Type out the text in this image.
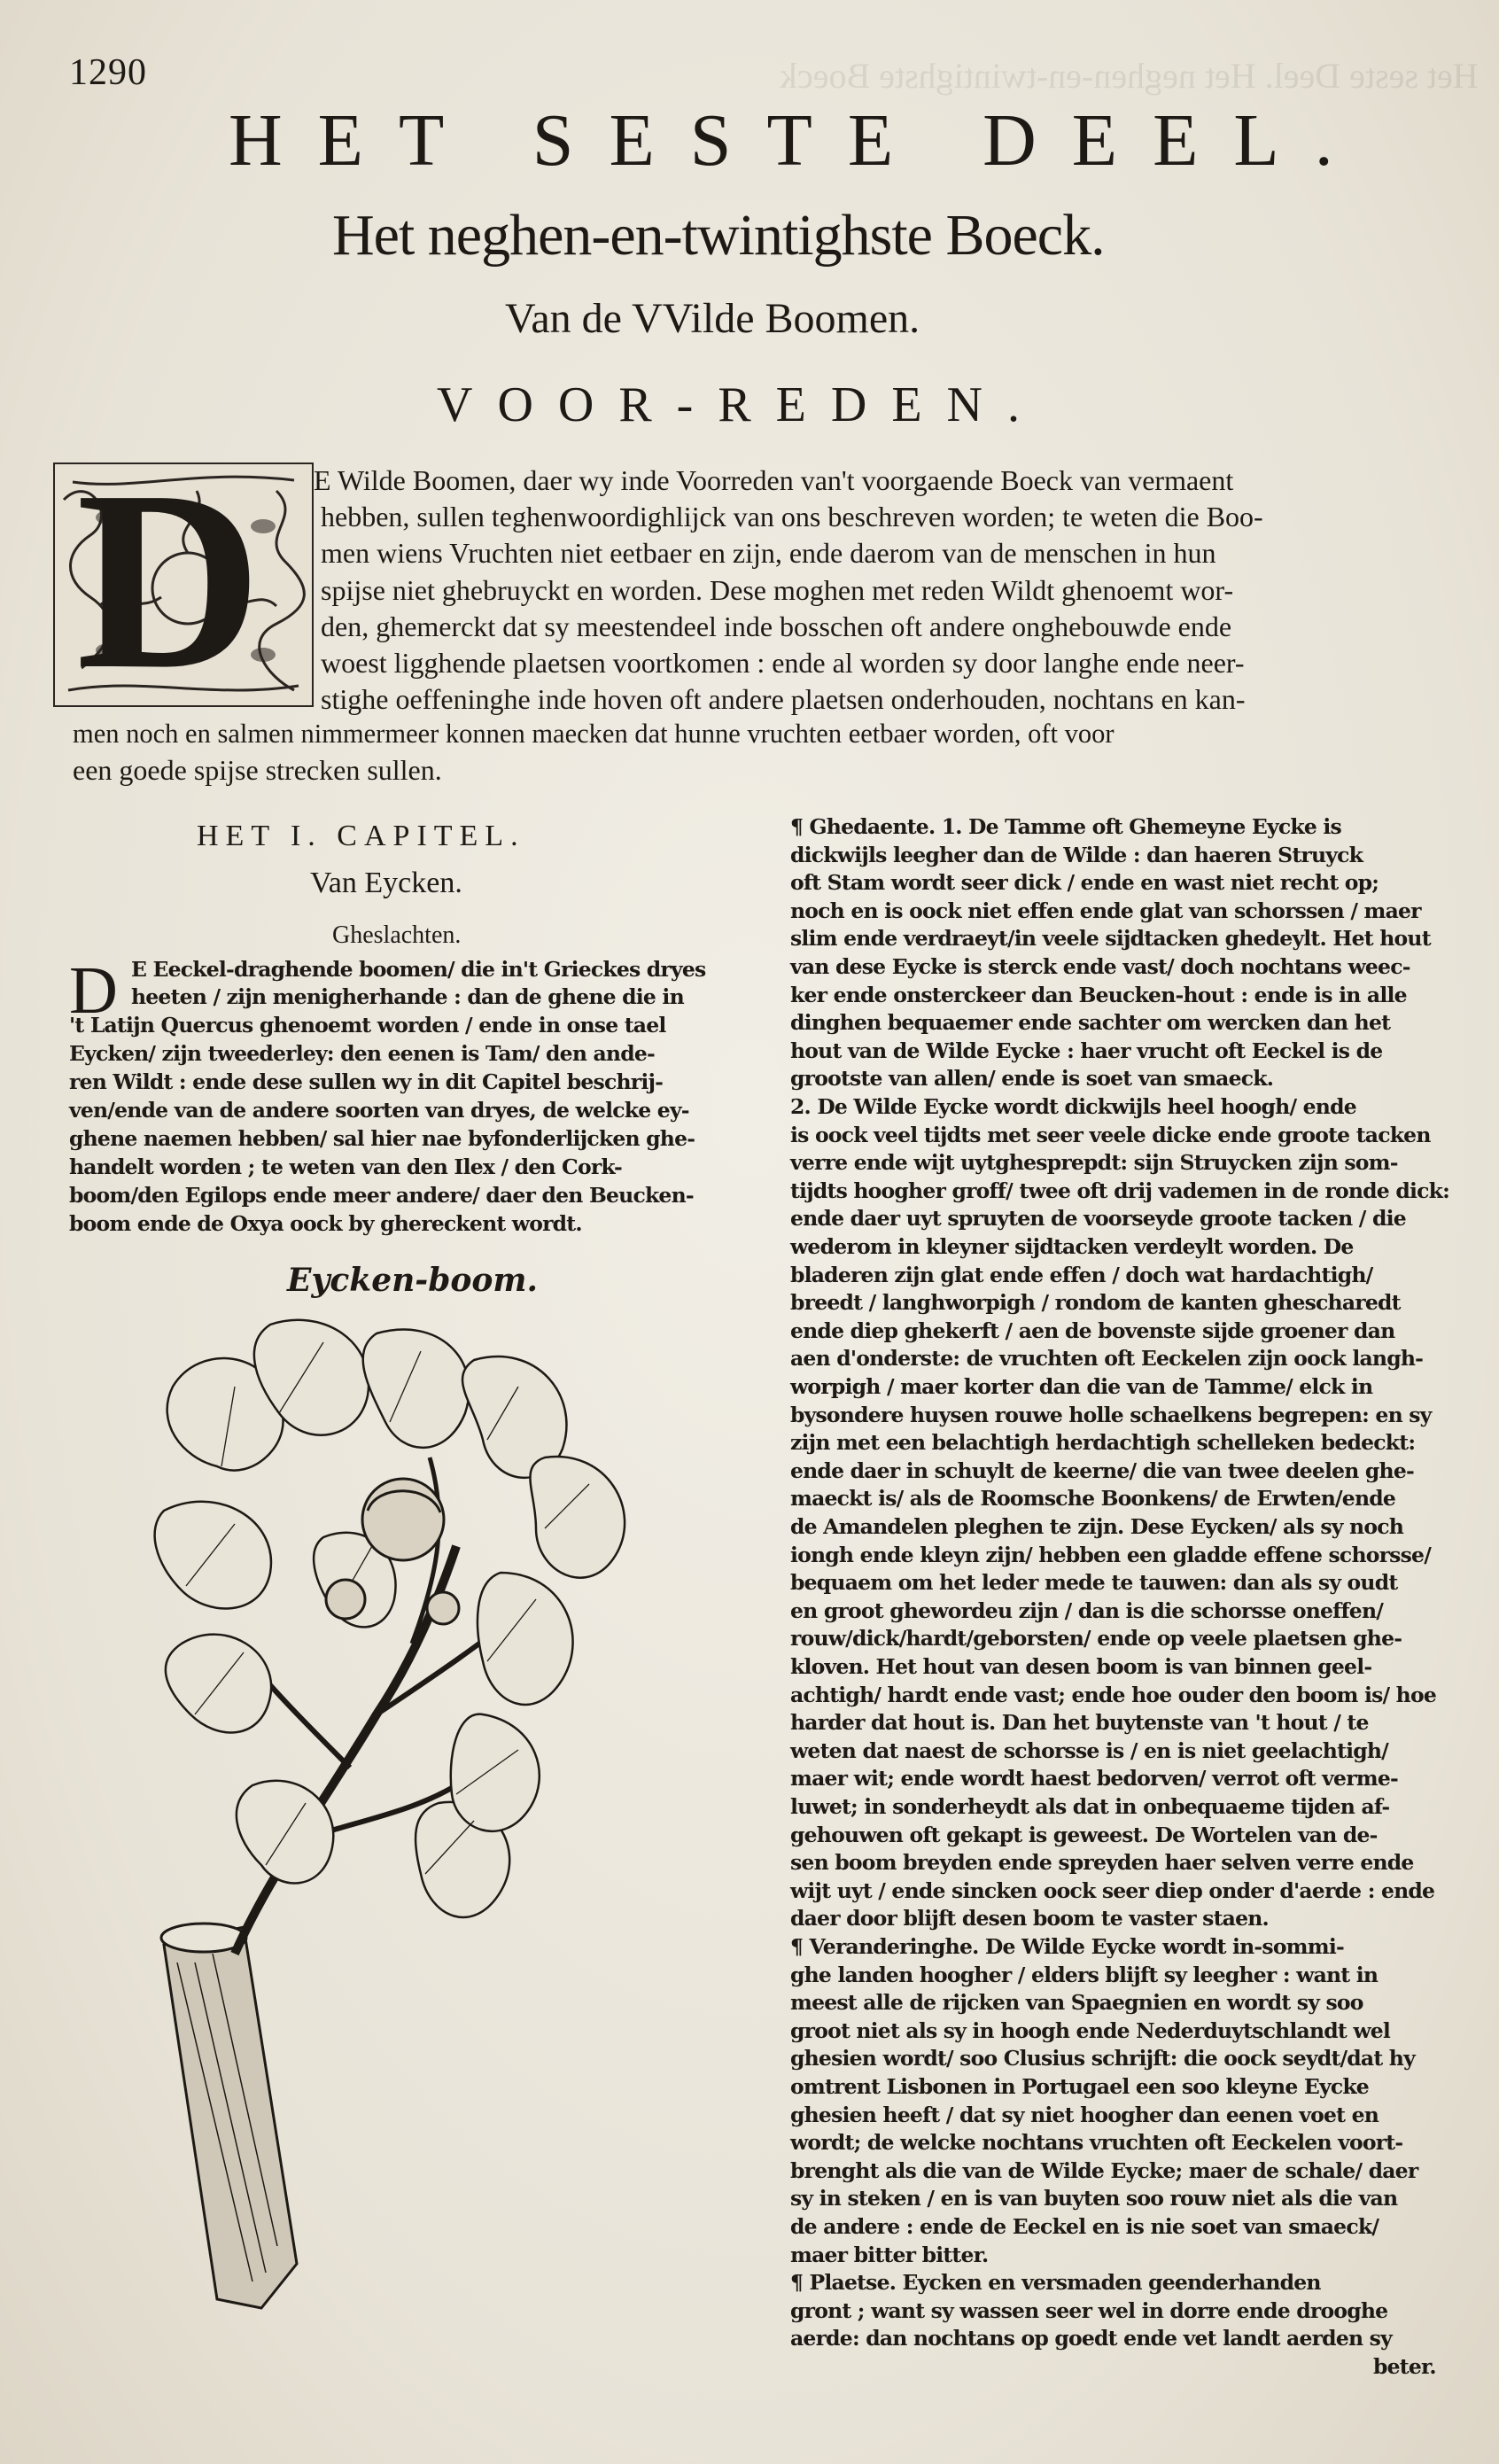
Het seste Deel. Het neghen-en-twintighste Boeck
1290
HET SESTE DEEL.
Het neghen-en-twintighste Boeck.
Van de VVilde Boomen.
VOOR-REDEN.
D E Wilde Boomen, daer wy inde Voorreden van't voorgaende Boeck van vermaent
hebben, sullen teghenwoordighlijck van ons beschreven worden; te weten die Boo-
men wiens Vruchten niet eetbaer en zijn, ende daerom van de menschen in hun
spijse niet ghebruyckt en worden. Dese moghen met reden Wildt ghenoemt wor-
den, ghemerckt dat sy meestendeel inde bosschen oft andere onghebouwde ende
woest ligghende plaetsen voortkomen : ende al worden sy door langhe ende neer-
stighe oeffeninghe inde hoven oft andere plaetsen onderhouden, nochtans en kan-
men noch en salmen nimmermeer konnen maecken dat hunne vruchten eetbaer worden, oft voor
een goede spijse strecken sullen.
HET I. CAPITEL.
Van Eycken.
Gheslachten.
D E Eeckel-draghende boomen/ die in't Grieckes dryes
heeten / zijn menigherhande : dan de ghene die in
't Latijn Quercus ghenoemt worden / ende in onse tael
Eycken/ zijn tweederley: den eenen is Tam/ den ande-
ren Wildt : ende dese sullen wy in dit Capitel beschrij-
ven/ende van de andere soorten van dryes, de welcke ey-
ghene naemen hebben/ sal hier nae byfonderlijcken ghe-
handelt worden ; te weten van den Ilex / den Cork-
boom/den Egilops ende meer andere/ daer den Beucken-
boom ende de Oxya oock by ghereckent wordt.
Eycken-boom.
¶ Ghedaente. 1. De Tamme oft Ghemeyne Eycke is
dickwijls leegher dan de Wilde : dan haeren Struyck
oft Stam wordt seer dick / ende en wast niet recht op;
noch en is oock niet effen ende glat van schorssen / maer
slim ende verdraeyt/in veele sijdtacken ghedeylt. Het hout
van dese Eycke is sterck ende vast/ doch nochtans weec-
ker ende onsterckeer dan Beucken-hout : ende is in alle
dinghen bequaemer ende sachter om wercken dan het
hout van de Wilde Eycke : haer vrucht oft Eeckel is de
grootste van allen/ ende is soet van smaeck.
2. De Wilde Eycke wordt dickwijls heel hoogh/ ende
is oock veel tijdts met seer veele dicke ende groote tacken
verre ende wijt uytghesprepdt: sijn Struycken zijn som-
tijdts hoogher groff/ twee oft drij vademen in de ronde dick:
ende daer uyt spruyten de voorseyde groote tacken / die
wederom in kleyner sijdtacken verdeylt worden. De
bladeren zijn glat ende effen / doch wat hardachtigh/
breedt / langhworpigh / rondom de kanten ghescharedt
ende diep ghekerft / aen de bovenste sijde groener dan
aen d'onderste: de vruchten oft Eeckelen zijn oock langh-
worpigh / maer korter dan die van de Tamme/ elck in
bysondere huysen rouwe holle schaelkens begrepen: en sy
zijn met een belachtigh herdachtigh schelleken bedeckt:
ende daer in schuylt de keerne/ die van twee deelen ghe-
maeckt is/ als de Roomsche Boonkens/ de Erwten/ende
de Amandelen pleghen te zijn. Dese Eycken/ als sy noch
iongh ende kleyn zijn/ hebben een gladde effene schorsse/
bequaem om het leder mede te tauwen: dan als sy oudt
en groot ghewordeu zijn / dan is die schorsse oneffen/
rouw/dick/hardt/geborsten/ ende op veele plaetsen ghe-
kloven. Het hout van desen boom is van binnen geel-
achtigh/ hardt ende vast; ende hoe ouder den boom is/ hoe
harder dat hout is. Dan het buytenste van 't hout / te
weten dat naest de schorsse is / en is niet geelachtigh/
maer wit; ende wordt haest bedorven/ verrot oft verme-
luwet; in sonderheydt als dat in onbequaeme tijden af-
gehouwen oft gekapt is geweest. De Wortelen van de-
sen boom breyden ende spreyden haer selven verre ende
wijt uyt / ende sincken oock seer diep onder d'aerde : ende
daer door blijft desen boom te vaster staen.
¶ Veranderinghe. De Wilde Eycke wordt in-sommi-
ghe landen hoogher / elders blijft sy leegher : want in
meest alle de rijcken van Spaegnien en wordt sy soo
groot niet als sy in hoogh ende Nederduytschlandt wel
ghesien wordt/ soo Clusius schrijft: die oock seydt/dat hy
omtrent Lisbonen in Portugael een soo kleyne Eycke
ghesien heeft / dat sy niet hoogher dan eenen voet en
wordt; de welcke nochtans vruchten oft Eeckelen voort-
brenght als die van de Wilde Eycke; maer de schale/ daer
sy in steken / en is van buyten soo rouw niet als die van
de andere : ende de Eeckel en is nie soet van smaeck/
maer bitter bitter.
¶ Plaetse. Eycken en versmaden geenderhanden
gront ; want sy wassen seer wel in dorre ende drooghe
aerde: dan nochtans op goedt ende vet landt aerden sy
beter.
